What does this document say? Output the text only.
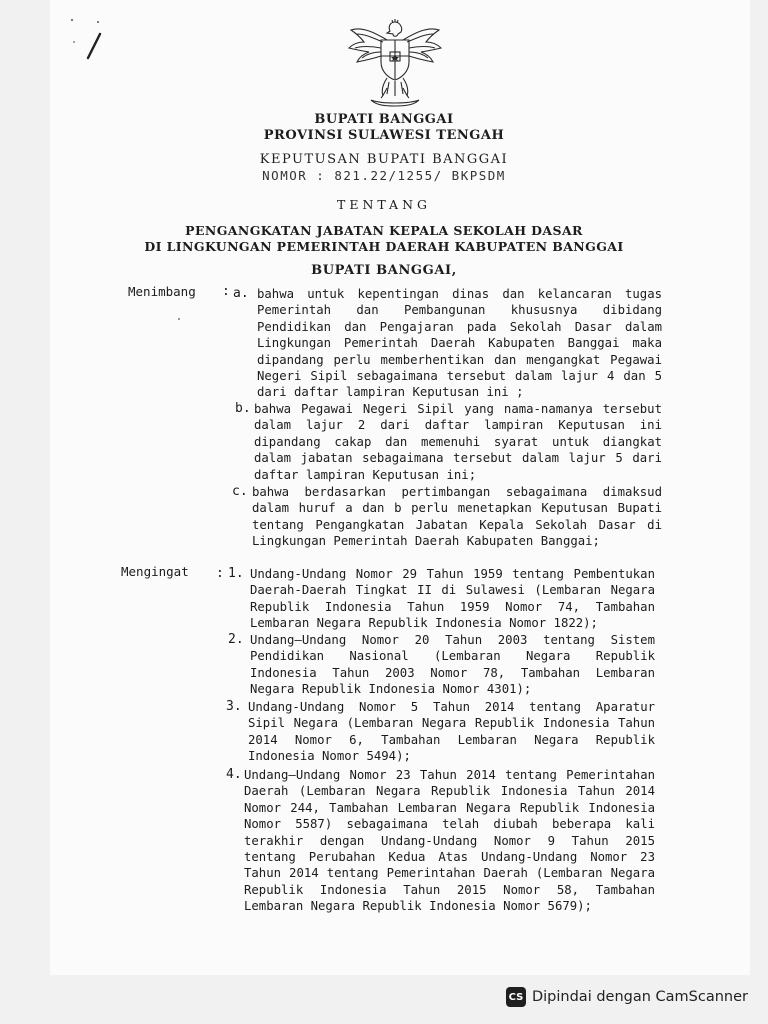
BUPATI BANGGAI
PROVINSI SULAWESI TENGAH
KEPUTUSAN BUPATI BANGGAI
NOMOR : 821.22/1255/ BKPSDM
TENTANG
PENGANGKATAN JABATAN KEPALA SEKOLAH DASAR
DI LINGKUNGAN PEMERINTAH DAERAH KABUPATEN BANGGAI
BUPATI BANGGAI,
Menimbang : a. bahwa untuk kepentingan dinas dan kelancaran tugas Pemerintah dan Pembangunan khususnya dibidang Pendidikan dan Pengajaran pada Sekolah Dasar dalam Lingkungan Pemerintah Daerah Kabupaten Banggai maka dipandang perlu memberhentikan dan mengangkat Pegawai Negeri Sipil sebagaimana tersebut dalam lajur 4 dan 5 dari daftar lampiran Keputusan ini ;
b. bahwa Pegawai Negeri Sipil yang nama-namanya tersebut dalam lajur 2 dari daftar lampiran Keputusan ini dipandang cakap dan memenuhi syarat untuk diangkat dalam jabatan sebagaimana tersebut dalam lajur 5 dari daftar lampiran Keputusan ini;
c. bahwa berdasarkan pertimbangan sebagaimana dimaksud dalam huruf a dan b perlu menetapkan Keputusan Bupati tentang Pengangkatan Jabatan Kepala Sekolah Dasar di Lingkungan Pemerintah Daerah Kabupaten Banggai;
Mengingat : 1. Undang-Undang Nomor 29 Tahun 1959 tentang Pembentukan Daerah-Daerah Tingkat II di Sulawesi (Lembaran Negara Republik Indonesia Tahun 1959 Nomor 74, Tambahan Lembaran Negara Republik Indonesia Nomor 1822);
2. Undang–Undang Nomor 20 Tahun 2003 tentang Sistem Pendidikan Nasional (Lembaran Negara Republik Indonesia Tahun 2003 Nomor 78, Tambahan Lembaran Negara Republik Indonesia Nomor 4301);
3. Undang-Undang Nomor 5 Tahun 2014 tentang Aparatur Sipil Negara (Lembaran Negara Republik Indonesia Tahun 2014 Nomor 6, Tambahan Lembaran Negara Republik Indonesia Nomor 5494);
4. Undang–Undang Nomor 23 Tahun 2014 tentang Pemerintahan Daerah (Lembaran Negara Republik Indonesia Tahun 2014 Nomor 244, Tambahan Lembaran Negara Republik Indonesia Nomor 5587) sebagaimana telah diubah beberapa kali terakhir dengan Undang-Undang Nomor 9 Tahun 2015 tentang Perubahan Kedua Atas Undang-Undang Nomor 23 Tahun 2014 tentang Pemerintahan Daerah (Lembaran Negara Republik Indonesia Tahun 2015 Nomor 58, Tambahan Lembaran Negara Republik Indonesia Nomor 5679);
CS Dipindai dengan CamScanner
